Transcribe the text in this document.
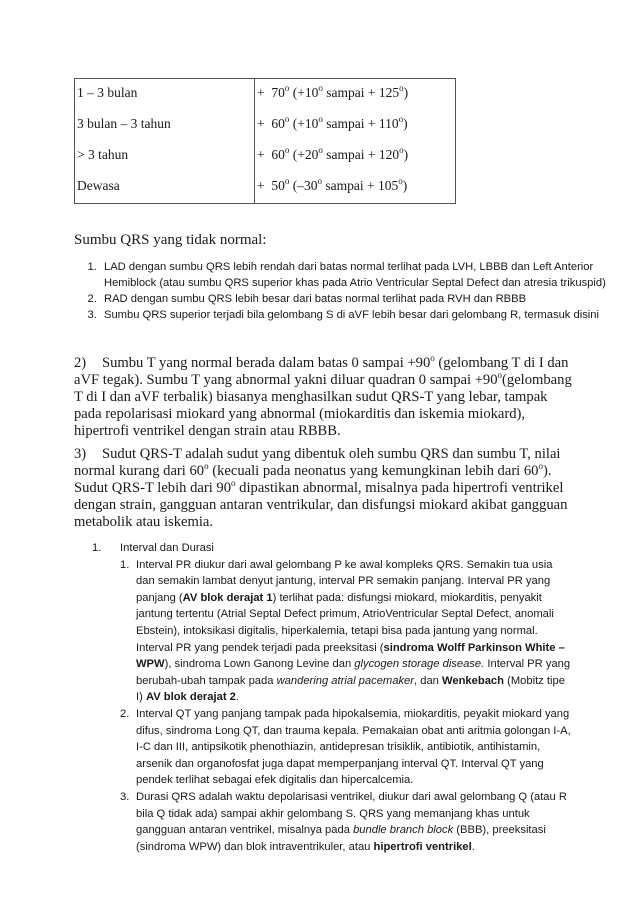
1 – 3 bulan	+ $70^o$ ($+10^o$ sampai + $125^o$)
3 bulan – 3 tahun	+ $60^o$ ($+10^o$ sampai + $110^o$)
> 3 tahun	+ $60^o$ ($+20^o$ sampai + $120^o$)
Dewasa	+ $50^o$ (–30$^o$ sampai + $105^o$)
Sumbu QRS yang tidak normal:
1. LAD dengan sumbu QRS lebih rendah dari batas normal terlihat pada LVH, LBBB dan Left Anterior Hemiblock (atau sumbu QRS superior khas pada Atrio Ventricular Septal Defect dan atresia trikuspid)
2. RAD dengan sumbu QRS lebih besar dari batas normal terlihat pada RVH dan RBBB
3. Sumbu QRS superior terjadi bila gelombang S di aVF lebih besar dari gelombang R, termasuk disini

2) Sumbu T yang normal berada dalam batas 0 sampai $+90^o$ (gelombang T di I dan aVF tegak). Sumbu T yang abnormal yakni diluar quadran 0 sampai $+90^o(gelombang$ T di I dan aVF terbalik) biasanya menghasilkan sudut QRS-T yang lebar, tampak pada repolarisasi miokard yang abnormal (miokarditis dan iskemia miokard), hipertrofi ventrikel dengan strain atau RBBB.

3) Sudut QRS-T adalah sudut yang dibentuk oleh sumbu QRS dan sumbu T, nilai normal kurang dari 60$^o$ (kecuali pada neonatus yang kemungkinan lebih dari 60$^o$). Sudut QRS-T lebih dari 90$^o$ dipastikan abnormal, misalnya pada hipertrofi ventrikel dengan strain, gangguan antaran ventrikular, dan disfungsi miokard akibat gangguan metabolik atau iskemia.

1. Interval dan Durasi

1. Interval PR diukur dari awal gelombang P ke awal kompleks QRS. Semakin tua usia dan semakin lambat denyut jantung, interval PR semakin panjang. Interval PR yang panjang (AV blok derajat 1) terlihat pada: disfungsi miokard, miokarditis, penyakit jantung tertentu (Atrial Septal Defect primum, AtrioVentricular Septal Defect, anomali Ebstein), intoksikasi digitalis, hiperkalemia, tetapi bisa pada jantung yang normal. Interval PR yang pendek terjadi pada preeksitasi (sindroma Wolff Parkinson White – WPW), sindroma Lown Ganong Levine dan glycogen storage disease. Interval PR yang berubah-ubah tampak pada wandering atrial pacemaker, dan Wenkebach (Mobitz tipe I) AV blok derajat 2.
2. Interval QT yang panjang tampak pada hipokalsemia, miokarditis, peyakit miokard yang difus, sindroma Long QT, dan trauma kepala. Pemakaian obat anti aritmia golongan I-A, I-C dan III, antipsikotik phenothiazin, antidepresan trisiklik, antibiotik, antihistamin, arsenik dan organofosfat juga dapat memperpanjang interval QT. Interval QT yang pendek terlihat sebagai efek digitalis dan hipercalcemia.
3. Durasi QRS adalah waktu depolarisasi ventrikel, diukur dari awal gelombang Q (atau R bila Q tidak ada) sampai akhir gelombang S. QRS yang memanjang khas untuk gangguan antaran ventrikel, misalnya pada bundle branch block (BBB), preeksitasi (sindroma WPW) dan blok intraventrikuler, atau hipertrofi ventrikel.
